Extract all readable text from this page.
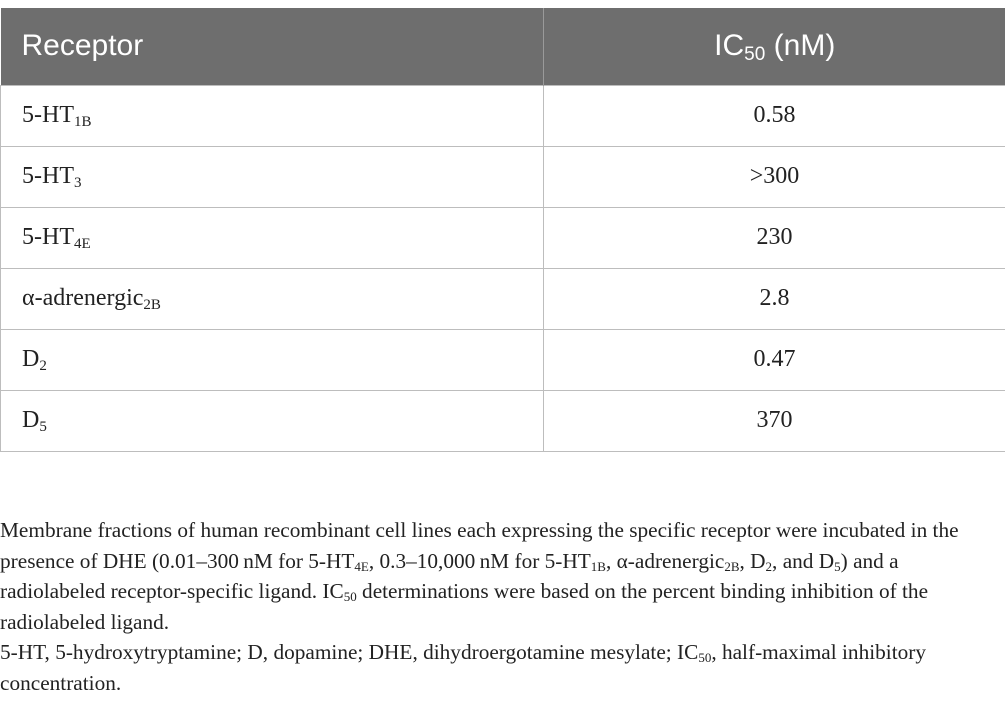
Receptor	$IC_{50}$ (nM)
$5-HT_{1B}$	0.58
$5-HT_3$	>300
$5-HT_{4E}$	230
α-adrenergic$_{2B}$	2.8
$D_2$	0.47
$D_5$	370

Membrane fractions of human recombinant cell lines each expressing the specific receptor were incubated in the presence of DHE (0.01–300 nM for $5-HT_{4E}$, 0.3–10,000 nM for $5-HT_{1B}$, α-adrenergic$_{2B}$, $D_2$, and $D_5$) and a radiolabeled receptor-specific ligand. $IC_{50}$ determinations were based on the percent binding inhibition of the radiolabeled ligand.

5-HT, 5-hydroxytryptamine; D, dopamine; DHE, dihydroergotamine mesylate; $IC_{50}$, half-maximal inhibitory concentration.
